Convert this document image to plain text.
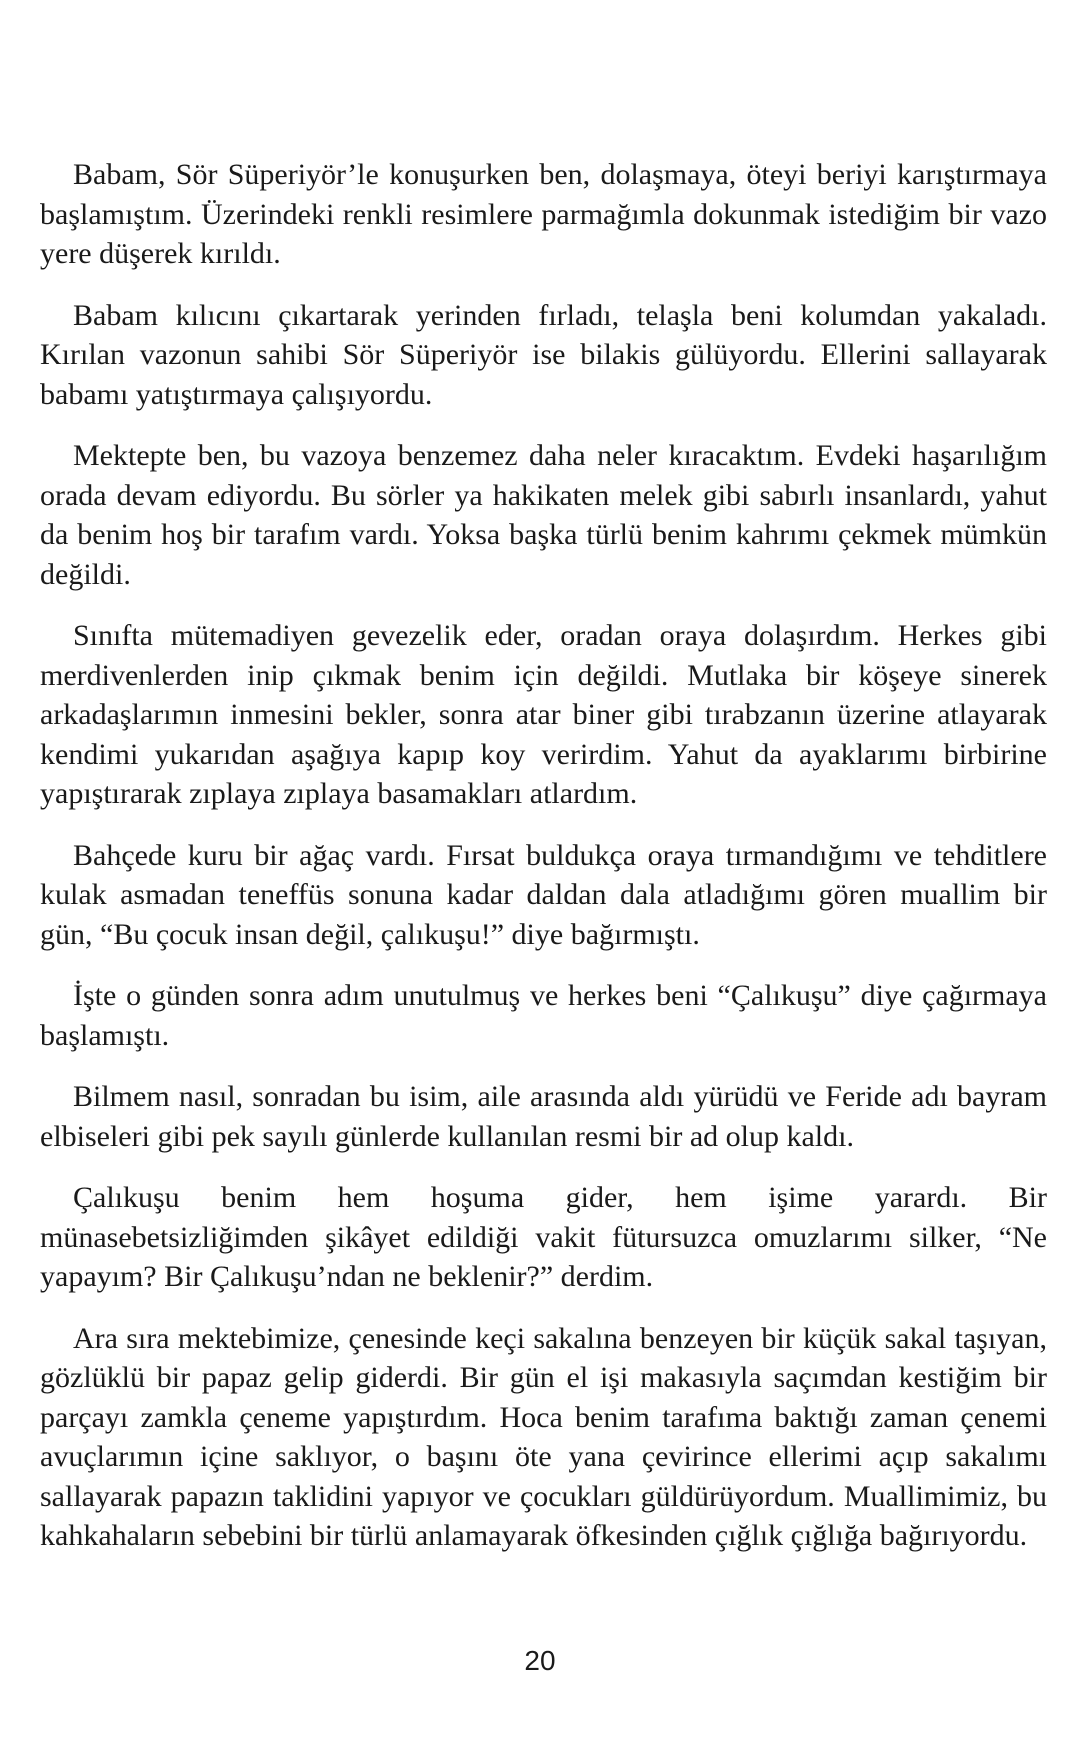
Babam, Sör Süperiyör’le konuşurken ben, dolaşmaya, öteyi beriyi karıştırmaya başlamıştım. Üzerindeki renkli resimlere parmağımla dokunmak istediğim bir vazo yere düşerek kırıldı.

Babam kılıcını çıkartarak yerinden fırladı, telaşla beni kolumdan yakaladı. Kırılan vazonun sahibi Sör Süperiyör ise bilakis gülüyordu. Ellerini sallayarak babamı yatıştırmaya çalışıyordu.

Mektepte ben, bu vazoya benzemez daha neler kıracaktım. Evdeki haşarılığım orada devam ediyordu. Bu sörler ya hakikaten melek gibi sabırlı insanlardı, yahut da benim hoş bir tarafım vardı. Yoksa başka türlü benim kahrımı çekmek mümkün değildi.

Sınıfta mütemadiyen gevezelik eder, oradan oraya dolaşırdım. Herkes gibi merdivenlerden inip çıkmak benim için değildi. Mutlaka bir köşeye sinerek arkadaşlarımın inmesini bekler, sonra atar biner gibi tırabzanın üzerine atlayarak kendimi yukarıdan aşağıya kapıp koy verirdim. Yahut da ayaklarımı birbirine yapıştırarak zıplaya zıplaya basamakları atlardım.

Bahçede kuru bir ağaç vardı. Fırsat buldukça oraya tırmandığımı ve tehditlere kulak asmadan teneffüs sonuna kadar daldan dala atladığımı gören muallim bir gün, “Bu çocuk insan değil, çalıkuşu!” diye bağırmıştı.

İşte o günden sonra adım unutulmuş ve herkes beni “Çalıkuşu” diye çağırmaya başlamıştı.

Bilmem nasıl, sonradan bu isim, aile arasında aldı yürüdü ve Feride adı bayram elbiseleri gibi pek sayılı günlerde kullanılan resmi bir ad olup kaldı.

Çalıkuşu benim hem hoşuma gider, hem işime yarardı. Bir münasebetsizliğimden şikâyet edildiği vakit fütursuzca omuzlarımı silker, “Ne yapayım? Bir Çalıkuşu’ndan ne beklenir?” derdim.

Ara sıra mektebimize, çenesinde keçi sakalına benzeyen bir küçük sakal taşıyan, gözlüklü bir papaz gelip giderdi. Bir gün el işi makasıyla saçımdan kestiğim bir parçayı zamkla çeneme yapıştırdım. Hoca benim tarafıma baktığı zaman çenemi avuçlarımın içine saklıyor, o başını öte yana çevirince ellerimi açıp sakalımı sallayarak papazın taklidini yapıyor ve çocukları güldürüyordum. Muallimimiz, bu kahkahaların sebebini bir türlü anlamayarak öfkesinden çığlık çığlığa bağırıyordu.

20
